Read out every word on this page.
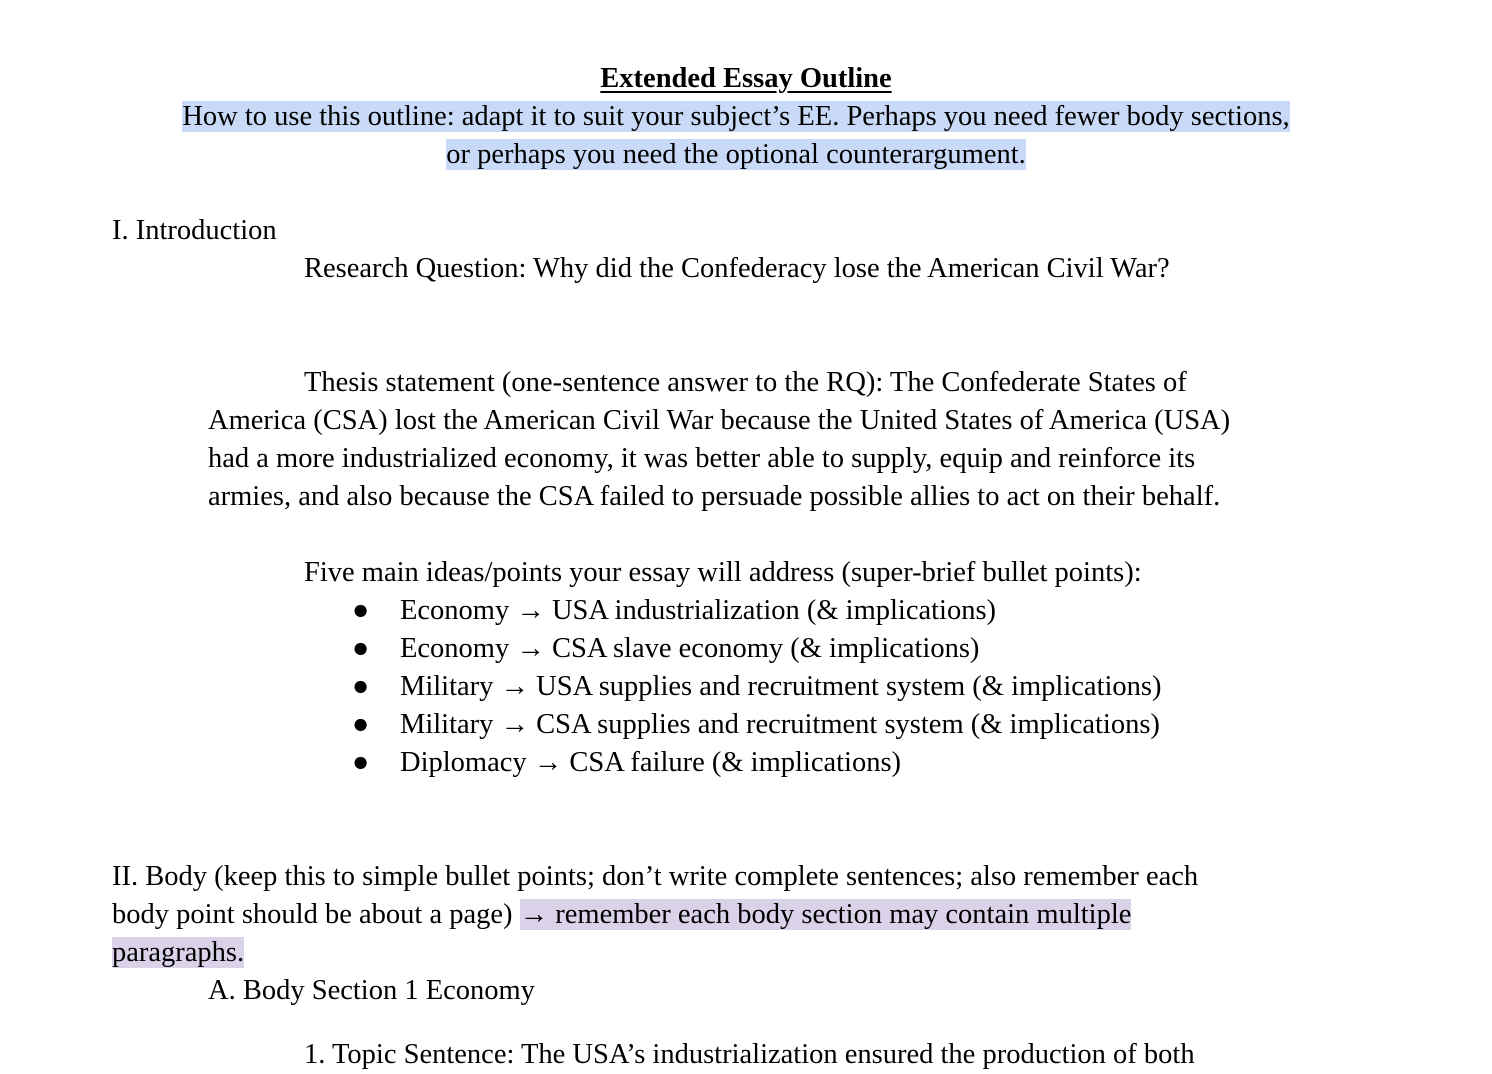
Extended Essay Outline
How to use this outline: adapt it to suit your subject’s EE. Perhaps you need fewer body sections,
or perhaps you need the optional counterargument.
I. Introduction
Research Question: Why did the Confederacy lose the American Civil War?
Thesis statement (one-sentence answer to the RQ): The Confederate States of
America (CSA) lost the American Civil War because the United States of America (USA)
had a more industrialized economy, it was better able to supply, equip and reinforce its
armies, and also because the CSA failed to persuade possible allies to act on their behalf.
Five main ideas/points your essay will address (super-brief bullet points):
● Economy → USA industrialization (& implications)
● Economy → CSA slave economy (& implications)
● Military → USA supplies and recruitment system (& implications)
● Military → CSA supplies and recruitment system (& implications)
● Diplomacy → CSA failure (& implications)
II. Body (keep this to simple bullet points; don’t write complete sentences; also remember each
body point should be about a page) → remember each body section may contain multiple
paragraphs.
A. Body Section 1 Economy
1. Topic Sentence: The USA’s industrialization ensured the production of both
